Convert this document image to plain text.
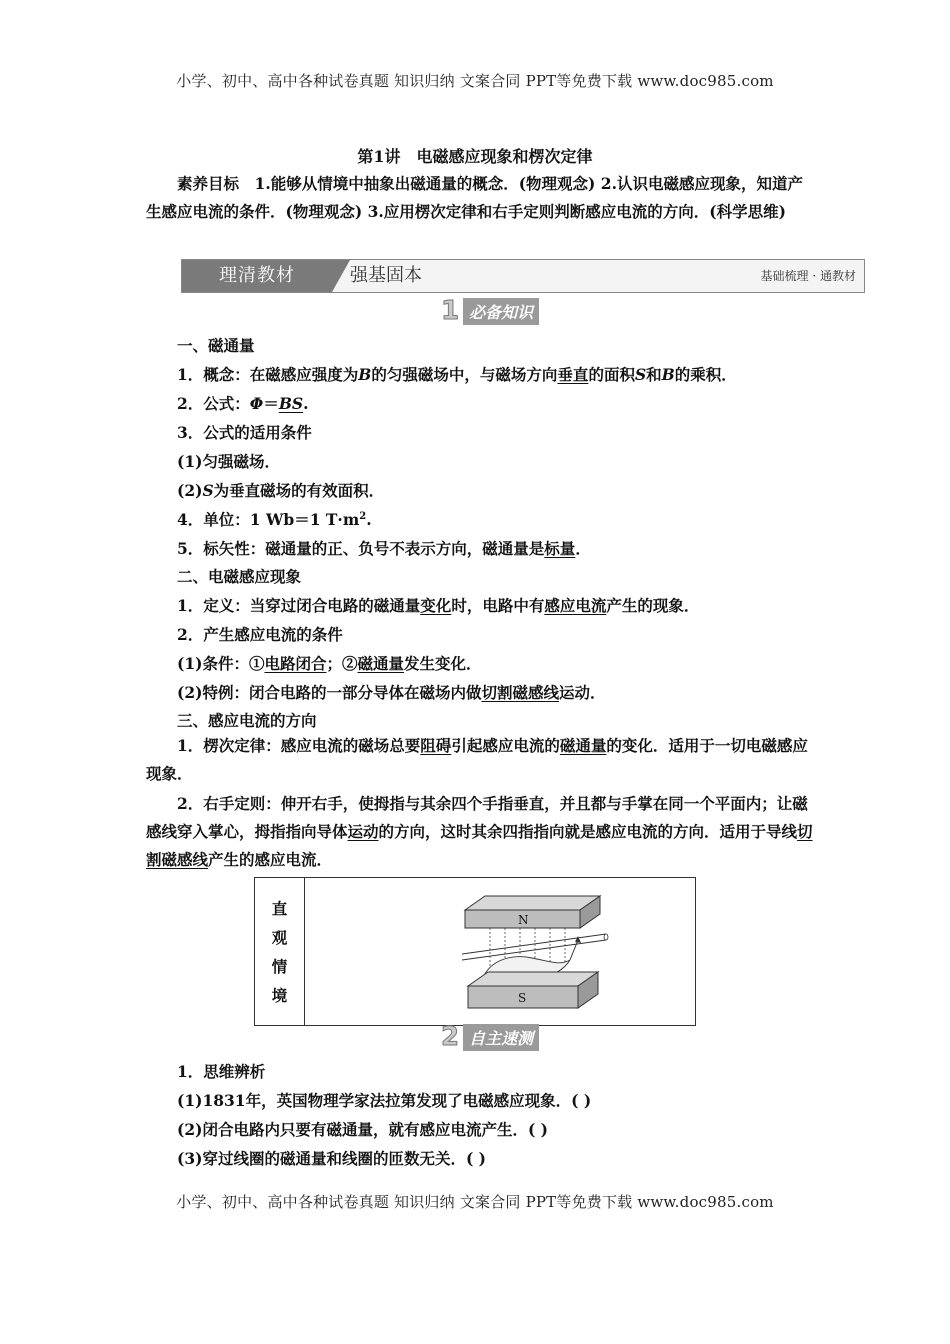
小学、初中、高中各种试卷真题 知识归纳 文案合同 PPT等免费下载 www.doc985.com
小学、初中、高中各种试卷真题 知识归纳 文案合同 PPT等免费下载 www.doc985.com
第1讲　电磁感应现象和楞次定律
素养目标　 1.能够从情境中抽象出磁通量的概念．(物理观念) 2.认识电磁感应现象，知道产生感应电流的条件．(物理观念) 3.应用楞次定律和右手定则判断感应电流的方向．(科学思维)
理清教材	强基固本	基础梳理 · 通教材
1 必备知识
一、磁通量
1．概念：在磁感应强度为B的匀强磁场中，与磁场方向垂直的面积S和B的乘积．
2．公式：Φ＝BS.
3．公式的适用条件
(1)匀强磁场．
(2)S为垂直磁场的有效面积．
4．单位：1 Wb＝1 $T\cdot m^2$.
5．标矢性：磁通量的正、负号不表示方向，磁通量是标量．
二、电磁感应现象
1．定义：当穿过闭合电路的磁通量变化时，电路中有感应电流产生的现象．
2．产生感应电流的条件
(1)条件：①电路闭合；②磁通量发生变化．
(2)特例：闭合电路的一部分导体在磁场内做切割磁感线运动．
三、感应电流的方向
1．楞次定律：感应电流的磁场总要阻碍引起感应电流的磁通量的变化．适用于一切电磁感应现象．
2．右手定则：伸开右手，使拇指与其余四个手指垂直，并且都与手掌在同一个平面内；让磁感线穿入掌心，拇指指向导体运动的方向，这时其余四指指向就是感应电流的方向．适用于导线切割磁感线产生的感应电流．
直
观
情
境
N
S
2 自主速测
1．思维辨析
(1)1831年，英国物理学家法拉第发现了电磁感应现象．( )
(2)闭合电路内只要有磁通量，就有感应电流产生．( )
(3)穿过线圈的磁通量和线圈的匝数无关．( )
